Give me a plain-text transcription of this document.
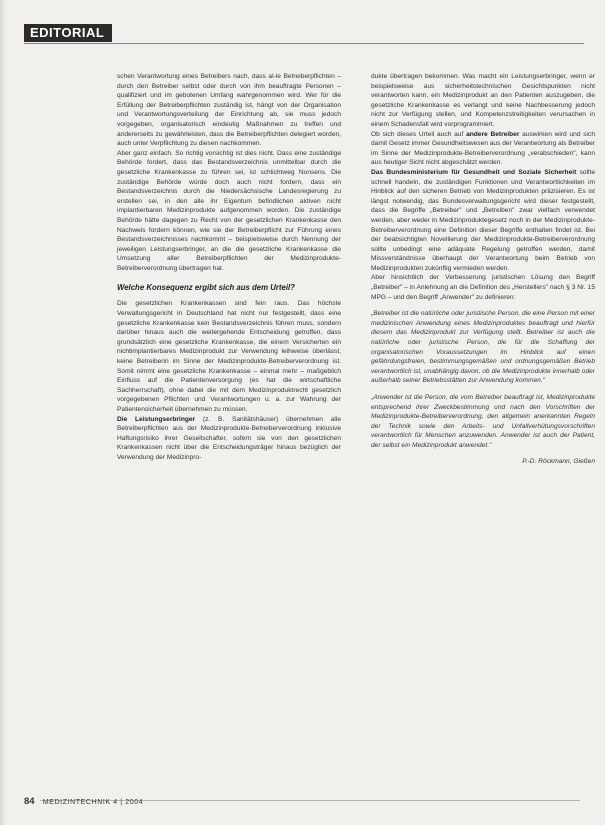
EDITORIAL

schen Verantwortung eines Betreibers nach, dass al-le Betreiberpflichten – durch den Betreiber selbst oder durch von ihm beauftragte Personen – qualifiziert und im gebotenen Umfang wahrgenommen wird. Wer für die Erfüllung der Betreiberpflichten zuständig ist, hängt von der Organisation und Verantwortungsverteilung der Einrichtung ab, sie muss jedoch vorgegeben, organisatorisch eindeutig Maßnahmen zu treffen und andererseits zu gewährleisten, dass die Betreiberpflichten delegiert worden, auch unter Verpflichtung zu diesen nachkommen.

Aber ganz einfach. So richtig vorsichtig ist dies nicht. Dass eine zuständige Behörde fordert, dass das Bestandsverzeichnis unmittelbar durch die gesetzliche Krankenkasse zu führen sei, ist schlichtweg Nonsens. Die zuständige Behörde würde doch auch nicht fordern, dass ein Bestandsverzeichnis durch die Niedersächsische Landesregierung zu erstellen sei, in den alle ihr Eigentum befindlichen aktiven nicht implantierbaren Medizinprodukte aufgenommen worden. Die zuständige Behörde hätte dagegen zu Recht von der gesetzlichen Krankenkasse den Nachweis fordern können, wie sie der Betreiberpflicht zur Führung eines Bestandsverzeichnisses nachkommt – beispielsweise durch Nennung der jeweiligen Leistungserbringer, an die die gesetzliche Krankenkasse die Umsetzung aller Betreiberpflichten der Medizinprodukte-Betreiberverordnung übertragen hat.

Welche Konsequenz ergibt sich aus dem Urteil?

Die gesetzlichen Krankenkassen sind fein raus. Das höchste Verwaltungsgericht in Deutschland hat nicht nur festgestellt, dass eine gesetzliche Krankenkasse kein Bestandsverzeichnis führen muss, sondern darüber hinaus auch die weitergehende Entscheidung getroffen, dass grundsätzlich eine gesetzliche Krankenkasse, die einem Versicherten ein nichtimplantierbares Medizinprodukt zur Verwendung leihweise überlässt, keine Betreiberin im Sinne der Medizinprodukte-Betreiberverordnung ist. Somit nimmt eine gesetzliche Krankenkasse – einmal mehr – maßgeblich Einfluss auf die Patientenversorgung (es hat die wirtschaftliche Sachherrschaft), ohne dabei die mit dem Medizinproduktrecht gesetzlich vorgegebenen Pflichten und Verantwortungen u. a. zur Wahrung der Patientensicherheit übernehmen zu müssen.

Die Leistungserbringer (z. B. Sanitätshäuser) übernehmen alle Betreiberpflichten aus der Medizinprodukte-Betreiberverordnung inklusive Haftungsrisiko ihrer Gesellschafter, sofern sie von den gesetzlichen Krankenkassen nicht über die Entscheidungsträger hinaus bezüglich der Verwendung der Medizinpro-

dukte übertragen bekommen. Was macht ein Leistungserbringer, wenn er beispielsweise aus sicherheitstechnischen Gesichtspunkten nicht verantworten kann, ein Medizinprodukt an den Patienten auszugeben, die gesetzliche Krankenkasse es verlangt und keine Nachbesserung jedoch nicht zur Verfügung stellen, und Kompetenzstreitigkeiten verursachen in einem Schadensfall wird vorprogrammiert.

Ob sich dieses Urteil auch auf andere Betreiber auswirken wird und sich damit Gesetz immer Gesundheitswesen aus der Verantwortung als Betreiber im Sinne der Medizinprodukte-Betreiberverordnung „verabschieden", kann aus heutiger Sicht nicht abgeschätzt werden.

Das Bundesministerium für Gesundheit und Soziale Sicherheit sollte schnell handeln, die zuständigen Funktionen und Verantwortlichkeiten im Hinblick auf den sicheren Betrieb von Medizinprodukten präzisieren. Es ist längst notwendig, das Bundesverwaltungsgericht wird dieser festgestellt, dass die Begriffe „Betreiber" und „Betreiben" zwar vielfach verwendet werden, aber weder in Medizinproduktegesetz noch in der Medizinprodukte-Betreiberverordnung eine Definition dieser Begriffe enthalten findet ist. Bei der beabsichtigten Novellierung der Medizinprodukte-Betreiberverordnung sollte unbedingt eine adäquate Regelung getroffen werden, damit Missverständnisse überhaupt der Verantwortung beim Betrieb von Medizinprodukten zukünftig vermieden werden.

Aber hinsichtlich der Verbesserung juristischen Lösung den Begriff „Betreiber" – in Anlehnung an die Definition des „Herstellers" nach § 3 Nr. 15 MPG – und den Begriff „Anwender" zu definieren:

„Betreiber ist die natürliche oder juristische Person, die eine Person mit einer medizinischen Anwendung eines Medizinproduktes beauftragt und hierfür diesem das Medizinprodukt zur Verfügung stellt. Betreiber ist auch die natürliche oder juristische Person, die für die Schaffung der organisatorischen Voraussetzungen im Hinblick auf einen gefährdungsfreien, bestimmungsgemäßen und ordnungsgemäßen Betrieb verantwortlich ist, unabhängig davon, ob die Medizinprodukte innerhalb oder außerhalb seiner Betriebsstätten zur Anwendung kommen."

„Anwender ist die Person, die vom Betreiber beauftragt ist, Medizinprodukte entsprechend ihrer Zweckbestimmung und nach den Vorschriften der Medizinprodukte-Betreiberverordnung, den allgemein anerkannten Regeln der Technik sowie den Arbeits- und Unfallverhütungsvorschriften verantwortlich für Menschen anzuwenden. Anwender ist auch der Patient, der selbst ein Medizinprodukt anwendet."

P.-D. Röckmann, Gießen

84 MEDIZINTECHNIK 4 | 2004
